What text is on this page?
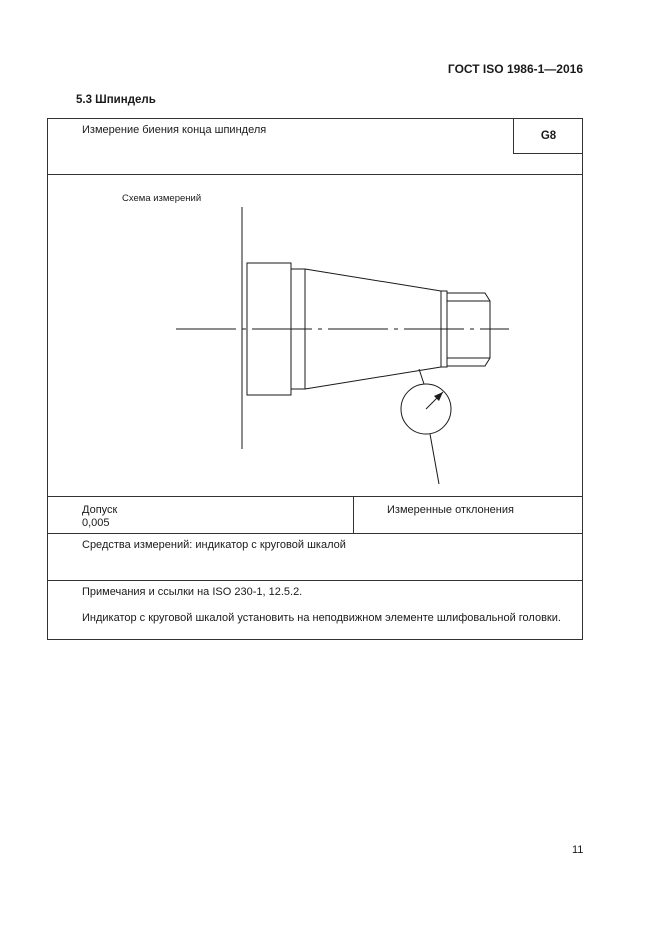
ГОСТ ISO 1986-1—2016
5.3 Шпиндель
Измерение биения конца шпинделя	G8
Схема измерений
Допуск
0,005
Измеренные отклонения
Средства измерений: индикатор с круговой шкалой
Примечания и ссылки на ISO 230-1, 12.5.2.
Индикатор с круговой шкалой установить на неподвижном элементе шлифовальной головки.
11
